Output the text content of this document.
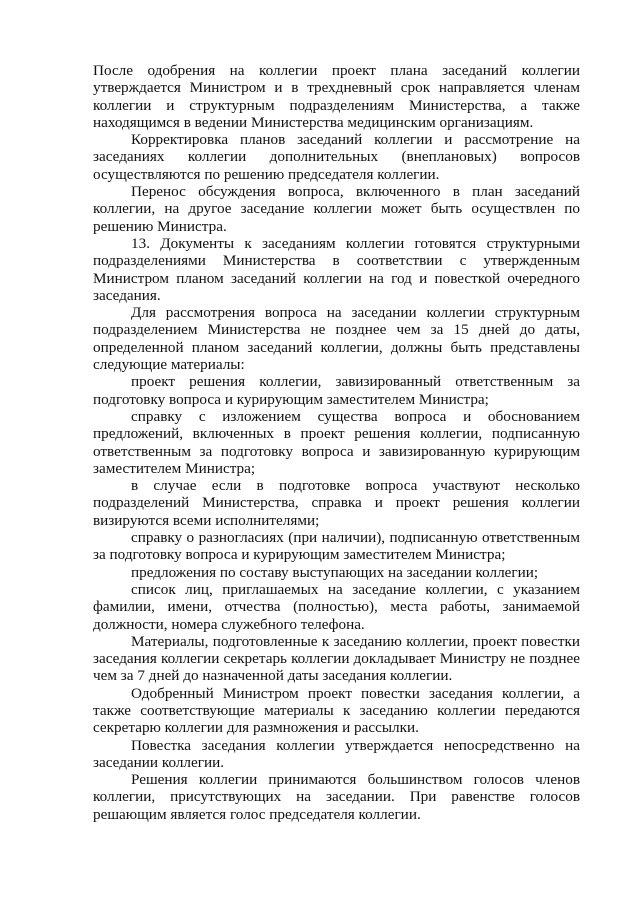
После одобрения на коллегии проект плана заседаний коллегии утверждается Министром и в трехдневный срок направляется членам коллегии и структурным подразделениям Министерства, а также находящимся в ведении Министерства медицинским организациям.

Корректировка планов заседаний коллегии и рассмотрение на заседаниях коллегии дополнительных (внеплановых) вопросов осуществляются по решению председателя коллегии.

Перенос обсуждения вопроса, включенного в план заседаний коллегии, на другое заседание коллегии может быть осуществлен по решению Министра.

13. Документы к заседаниям коллегии готовятся структурными подразделениями Министерства в соответствии с утвержденным Министром планом заседаний коллегии на год и повесткой очередного заседания.

Для рассмотрения вопроса на заседании коллегии структурным подразделением Министерства не позднее чем за 15 дней до даты, определенной планом заседаний коллегии, должны быть представлены следующие материалы:

проект решения коллегии, завизированный ответственным за подготовку вопроса и курирующим заместителем Министра;

справку с изложением существа вопроса и обоснованием предложений, включенных в проект решения коллегии, подписанную ответственным за подготовку вопроса и завизированную курирующим заместителем Министра;

в случае если в подготовке вопроса участвуют несколько подразделений Министерства, справка и проект решения коллегии визируются всеми исполнителями;

справку о разногласиях (при наличии), подписанную ответственным за подготовку вопроса и курирующим заместителем Министра;

предложения по составу выступающих на заседании коллегии;

список лиц, приглашаемых на заседание коллегии, с указанием фамилии, имени, отчества (полностью), места работы, занимаемой должности, номера служебного телефона.

Материалы, подготовленные к заседанию коллегии, проект повестки заседания коллегии секретарь коллегии докладывает Министру не позднее чем за 7 дней до назначенной даты заседания коллегии.

Одобренный Министром проект повестки заседания коллегии, а также соответствующие материалы к заседанию коллегии передаются секретарю коллегии для размножения и рассылки.

Повестка заседания коллегии утверждается непосредственно на заседании коллегии.

Решения коллегии принимаются большинством голосов членов коллегии, присутствующих на заседании. При равенстве голосов решающим является голос председателя коллегии.
